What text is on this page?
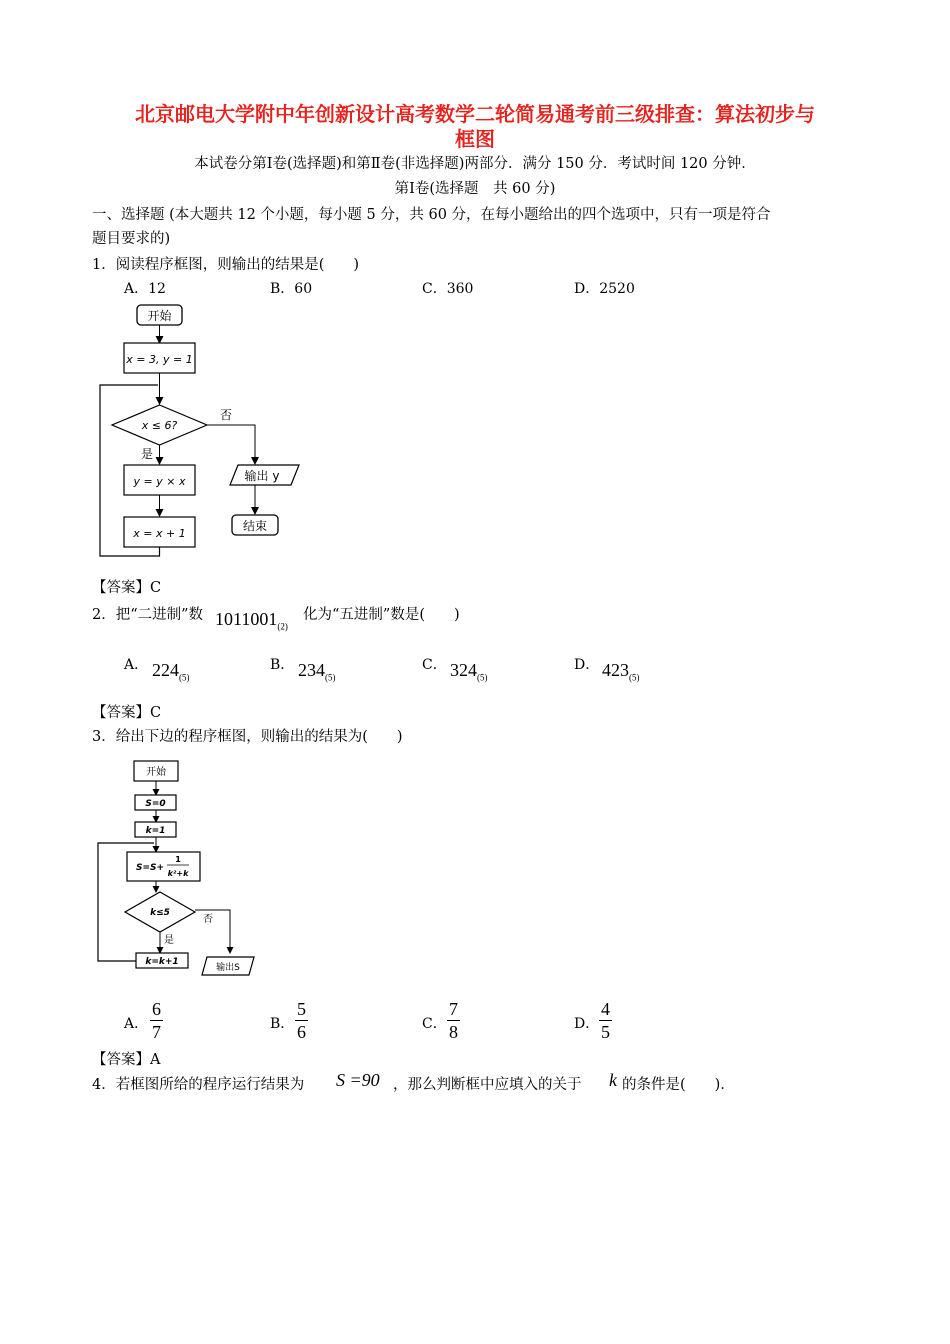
北京邮电大学附中年创新设计高考数学二轮简易通考前三级排查：算法初步与
框图
本试卷分第Ⅰ卷(选择题)和第Ⅱ卷(非选择题)两部分．满分 150 分．考试时间 120 分钟．
第Ⅰ卷(选择题　共 60 分)
一、选择题 (本大题共 12 个小题，每小题 5 分，共 60 分，在每小题给出的四个选项中，只有一项是符合
题目要求的)
1．阅读程序框图，则输出的结果是(　　)
A．12	B．60	C．360	D．2520
开始
x = 3, y = 1
x ≤ 6?
否
是
y = y × x
x = x + 1
输出 y
结束
【答案】C
2．把“二进制”数 $1011001_{(2)}$
化为“五进制”数是(　　)
A． $224_{(5)}$
B． $234_{(5)}$
C． $324_{(5)}$
D． $423_{(5)}$
【答案】C
3．给出下边的程序框图，则输出的结果为(　　)
开始
S=0
k=1
S=S+
1
k²+k
k≤5
否
是
k=k+1
输出S
A． $\frac{6}{7}$	B． $\frac{5}{6}$	C． $\frac{7}{8}$	D． $\frac{4}{5}$
【答案】A
4．若框图所给的程序运行结果为 S =90 ，那么判断框中应填入的关于 k 的条件是(　　)．
